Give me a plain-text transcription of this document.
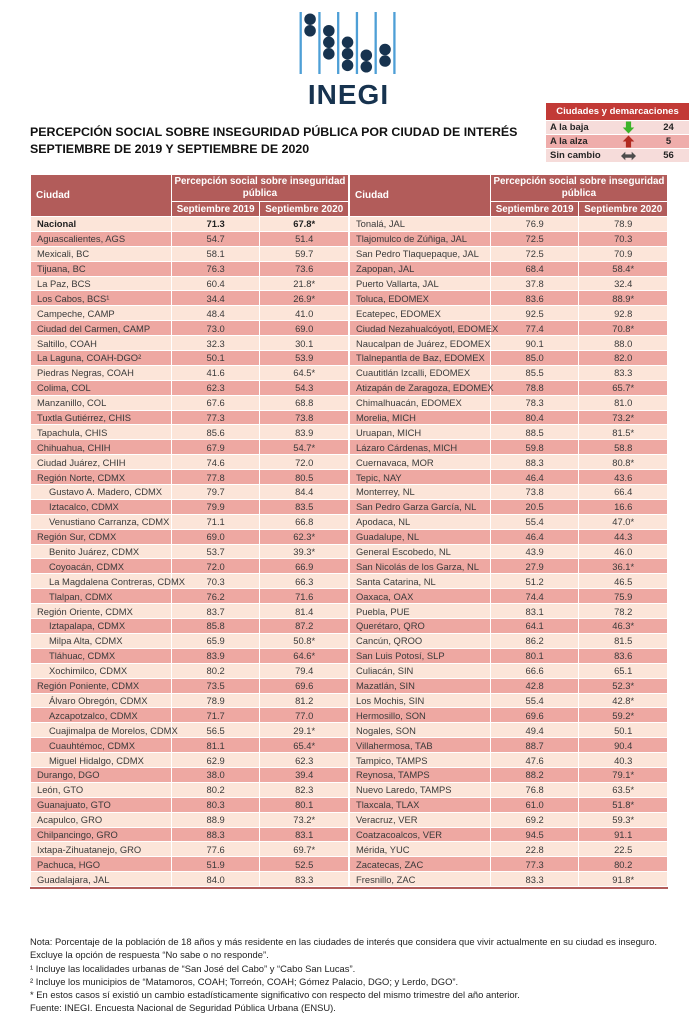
INEGI
Ciudades y demarcaciones
A la baja	24
A la alza	5
Sin cambio	56
PERCEPCIÓN SOCIAL SOBRE INSEGURIDAD PÚBLICA POR CIUDAD DE INTERÉS
SEPTIEMBRE DE 2019 Y SEPTIEMBRE DE 2020
Ciudad	Percepción social sobre inseguridad pública	
	Septiembre 2019	Septiembre 2020
Nacional	71.3	67.8*
Aguascalientes, AGS	54.7	51.4
Mexicali, BC	58.1	59.7
Tijuana, BC	76.3	73.6
La Paz, BCS	60.4	21.8*
Los Cabos, BCS¹	34.4	26.9*
Campeche, CAMP	48.4	41.0
Ciudad del Carmen, CAMP	73.0	69.0
Saltillo, COAH	32.3	30.1
La Laguna, COAH-DGO²	50.1	53.9
Piedras Negras, COAH	41.6	64.5*
Colima, COL	62.3	54.3
Manzanillo, COL	67.6	68.8
Tuxtla Gutiérrez, CHIS	77.3	73.8
Tapachula, CHIS	85.6	83.9
Chihuahua, CHIH	67.9	54.7*
Ciudad Juárez, CHIH	74.6	72.0
Región Norte, CDMX	77.8	80.5
Gustavo A. Madero, CDMX	79.7	84.4
Iztacalco, CDMX	79.9	83.5
Venustiano Carranza, CDMX	71.1	66.8
Región Sur, CDMX	69.0	62.3*
Benito Juárez, CDMX	53.7	39.3*
Coyoacán, CDMX	72.0	66.9
La Magdalena Contreras, CDMX	70.3	66.3
Tlalpan, CDMX	76.2	71.6
Región Oriente, CDMX	83.7	81.4
Iztapalapa, CDMX	85.8	87.2
Milpa Alta, CDMX	65.9	50.8*
Tláhuac, CDMX	83.9	64.6*
Xochimilco, CDMX	80.2	79.4
Región Poniente, CDMX	73.5	69.6
Álvaro Obregón, CDMX	78.9	81.2
Azcapotzalco, CDMX	71.7	77.0
Cuajimalpa de Morelos, CDMX	56.5	29.1*
Cuauhtémoc, CDMX	81.1	65.4*
Miguel Hidalgo, CDMX	62.9	62.3
Durango, DGO	38.0	39.4
León, GTO	80.2	82.3
Guanajuato, GTO	80.3	80.1
Acapulco, GRO	88.9	73.2*
Chilpancingo, GRO	88.3	83.1
Ixtapa-Zihuatanejo, GRO	77.6	69.7*
Pachuca, HGO	51.9	52.5
Guadalajara, JAL	84.0	83.3
Ciudad	Percepción social sobre inseguridad pública	
	Septiembre 2019	Septiembre 2020
Tonalá, JAL	76.9	78.9
Tlajomulco de Zúñiga, JAL	72.5	70.3
San Pedro Tlaquepaque, JAL	72.5	70.9
Zapopan, JAL	68.4	58.4*
Puerto Vallarta, JAL	37.8	32.4
Toluca, EDOMEX	83.6	88.9*
Ecatepec, EDOMEX	92.5	92.8
Ciudad Nezahualcóyotl, EDOMEX	77.4	70.8*
Naucalpan de Juárez, EDOMEX	90.1	88.0
Tlalnepantla de Baz, EDOMEX	85.0	82.0
Cuautitlán Izcalli, EDOMEX	85.5	83.3
Atizapán de Zaragoza, EDOMEX	78.8	65.7*
Chimalhuacán, EDOMEX	78.3	81.0
Morelia, MICH	80.4	73.2*
Uruapan, MICH	88.5	81.5*
Lázaro Cárdenas, MICH	59.8	58.8
Cuernavaca, MOR	88.3	80.8*
Tepic, NAY	46.4	43.6
Monterrey, NL	73.8	66.4
San Pedro Garza García, NL	20.5	16.6
Apodaca, NL	55.4	47.0*
Guadalupe, NL	46.4	44.3
General Escobedo, NL	43.9	46.0
San Nicolás de los Garza, NL	27.9	36.1*
Santa Catarina, NL	51.2	46.5
Oaxaca, OAX	74.4	75.9
Puebla, PUE	83.1	78.2
Querétaro, QRO	64.1	46.3*
Cancún, QROO	86.2	81.5
San Luis Potosí, SLP	80.1	83.6
Culiacán, SIN	66.6	65.1
Mazatlán, SIN	42.8	52.3*
Los Mochis, SIN	55.4	42.8*
Hermosillo, SON	69.6	59.2*
Nogales, SON	49.4	50.1
Villahermosa, TAB	88.7	90.4
Tampico, TAMPS	47.6	40.3
Reynosa, TAMPS	88.2	79.1*
Nuevo Laredo, TAMPS	76.8	63.5*
Tlaxcala, TLAX	61.0	51.8*
Veracruz, VER	69.2	59.3*
Coatzacoalcos, VER	94.5	91.1
Mérida, YUC	22.8	22.5
Zacatecas, ZAC	77.3	80.2
Fresnillo, ZAC	83.3	91.8*
Nota: Porcentaje de la población de 18 años y más residente en las ciudades de interés que considera que vivir actualmente en su ciudad es inseguro. Excluye la opción de respuesta “No sabe o no responde”.
¹ Incluye las localidades urbanas de “San José del Cabo” y “Cabo San Lucas”.
² Incluye los municipios de “Matamoros, COAH; Torreón, COAH; Gómez Palacio, DGO; y Lerdo, DGO”.
* En estos casos sí existió un cambio estadísticamente significativo con respecto del mismo trimestre del año anterior.
Fuente: INEGI. Encuesta Nacional de Seguridad Pública Urbana (ENSU).
